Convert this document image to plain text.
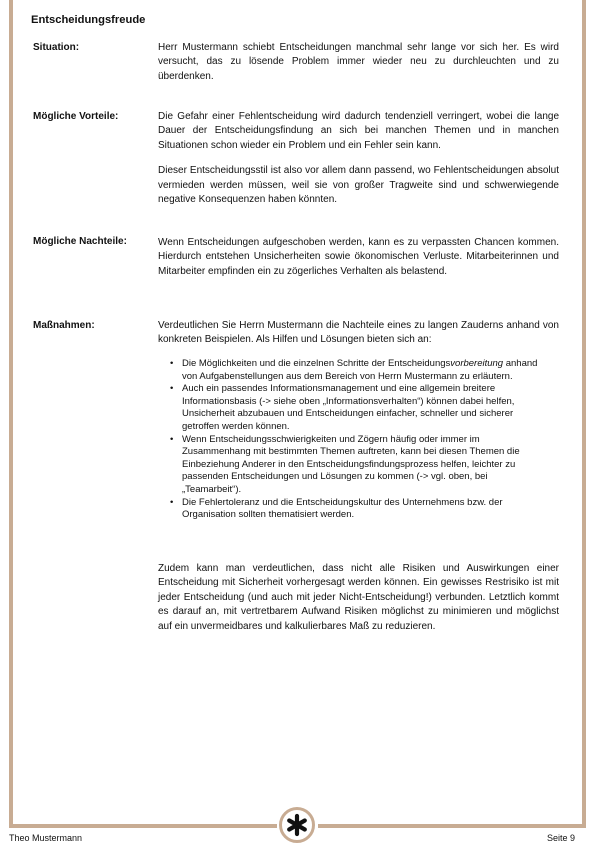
Entscheidungsfreude
Situation:	Herr Mustermann schiebt Entscheidungen manchmal sehr lange vor sich her. Es wird versucht, das zu lösende Problem immer wieder neu zu durchleuchten und zu überdenken.

Mögliche Vorteile:	Die Gefahr einer Fehlentscheidung wird dadurch tendenziell verringert, wobei die lange Dauer der Entscheidungsfindung an sich bei manchen Themen und in manchen Situationen schon wieder ein Problem und ein Fehler sein kann.

Dieser Entscheidungsstil ist also vor allem dann passend, wo Fehlentscheidungen absolut vermieden werden müssen, weil sie von großer Tragweite sind und schwerwiegende negative Konsequenzen haben könnten.

Mögliche Nachteile:	Wenn Entscheidungen aufgeschoben werden, kann es zu verpassten Chancen kommen. Hierdurch entstehen Unsicherheiten sowie ökonomischen Verluste. Mitarbeiterinnen und Mitarbeiter empfinden ein zu zögerliches Verhalten als belastend.

Maßnahmen:	Verdeutlichen Sie Herrn Mustermann die Nachteile eines zu langen Zauderns anhand von konkreten Beispielen. Als Hilfen und Lösungen bieten sich an:

• Die Möglichkeiten und die einzelnen Schritte der Entscheidungsvorbereitung anhand von Aufgabenstellungen aus dem Bereich von Herrn Mustermann zu erläutern.
• Auch ein passendes Informationsmanagement und eine allgemein breitere Informationsbasis (-> siehe oben „Informationsverhalten“) können dabei helfen, Unsicherheit abzubauen und Entscheidungen einfacher, schneller und sicherer getroffen werden können.
• Wenn Entscheidungsschwierigkeiten und Zögern häufig oder immer im Zusammenhang mit bestimmten Themen auftreten, kann bei diesen Themen die Einbeziehung Anderer in den Entscheidungsfindungsprozess helfen, leichter zu passenden Entscheidungen und Lösungen zu kommen (-> vgl. oben, bei „Teamarbeit“).
• Die Fehlertoleranz und die Entscheidungskultur des Unternehmens bzw. der Organisation sollten thematisiert werden.

Zudem kann man verdeutlichen, dass nicht alle Risiken und Auswirkungen einer Entscheidung mit Sicherheit vorhergesagt werden können. Ein gewisses Restrisiko ist mit jeder Entscheidung (und auch mit jeder Nicht-Entscheidung!) verbunden. Letztlich kommt es darauf an, mit vertretbarem Aufwand Risiken möglichst zu minimieren und möglichst auf ein unvermeidbares und kalkulierbares Maß zu reduzieren.

Theo Mustermann	Seite 9
